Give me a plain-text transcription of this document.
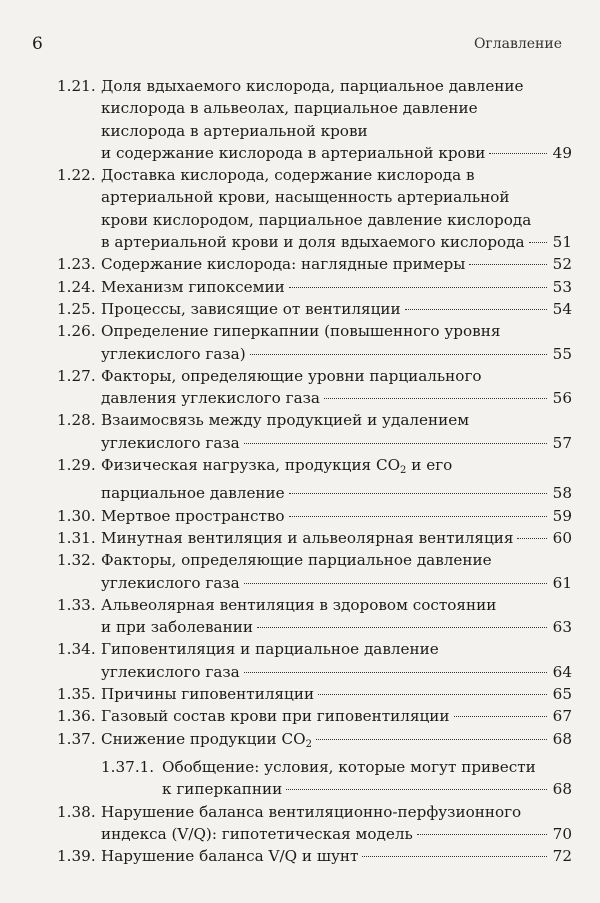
6	Оглавление
1.21. Доля вдыхаемого кислорода, парциальное давление
кислорода в альвеолах, парциальное давление
кислорода в артериальной крови
и содержание кислорода в артериальной крови	49
1.22. Доставка кислорода, содержание кислорода в
артериальной крови, насыщенность артериальной
крови кислородом, парциальное давление кислорода
в артериальной крови и доля вдыхаемого кислорода 51
1.23. Содержание кислорода: наглядные примеры	52
1.24. Механизм гипоксемии	53
1.25. Процессы, зависящие от вентиляции	54
1.26. Определение гиперкапнии (повышенного уровня
углекислого газа)	55
1.27. Факторы, определяющие уровни парциального
давления углекислого газа	56
1.28. Взаимосвязь между продукцией и удалением
углекислого газа	57
1.29. Физическая нагрузка, продукция $CO_2$ и его
парциальное давление	58
1.30. Мертвое пространство	59
1.31. Минутная вентиляция и альвеолярная вентиляция	60
1.32. Факторы, определяющие парциальное давление
углекислого газа	61
1.33. Альвеолярная вентиляция в здоровом состоянии
и при заболевании	63
1.34. Гиповентиляция и парциальное давление
углекислого газа	64
1.35. Причины гиповентиляции	65
1.36. Газовый состав крови при гиповентиляции	67
1.37. Снижение продукции $CO_2$	68
1.37.1. Обобщение: условия, которые могут привести
к гиперкапнии	68
1.38. Нарушение баланса вентиляционно-перфузионного
индекса (V/Q): гипотетическая модель	70
1.39. Нарушение баланса V/Q и шунт	72
